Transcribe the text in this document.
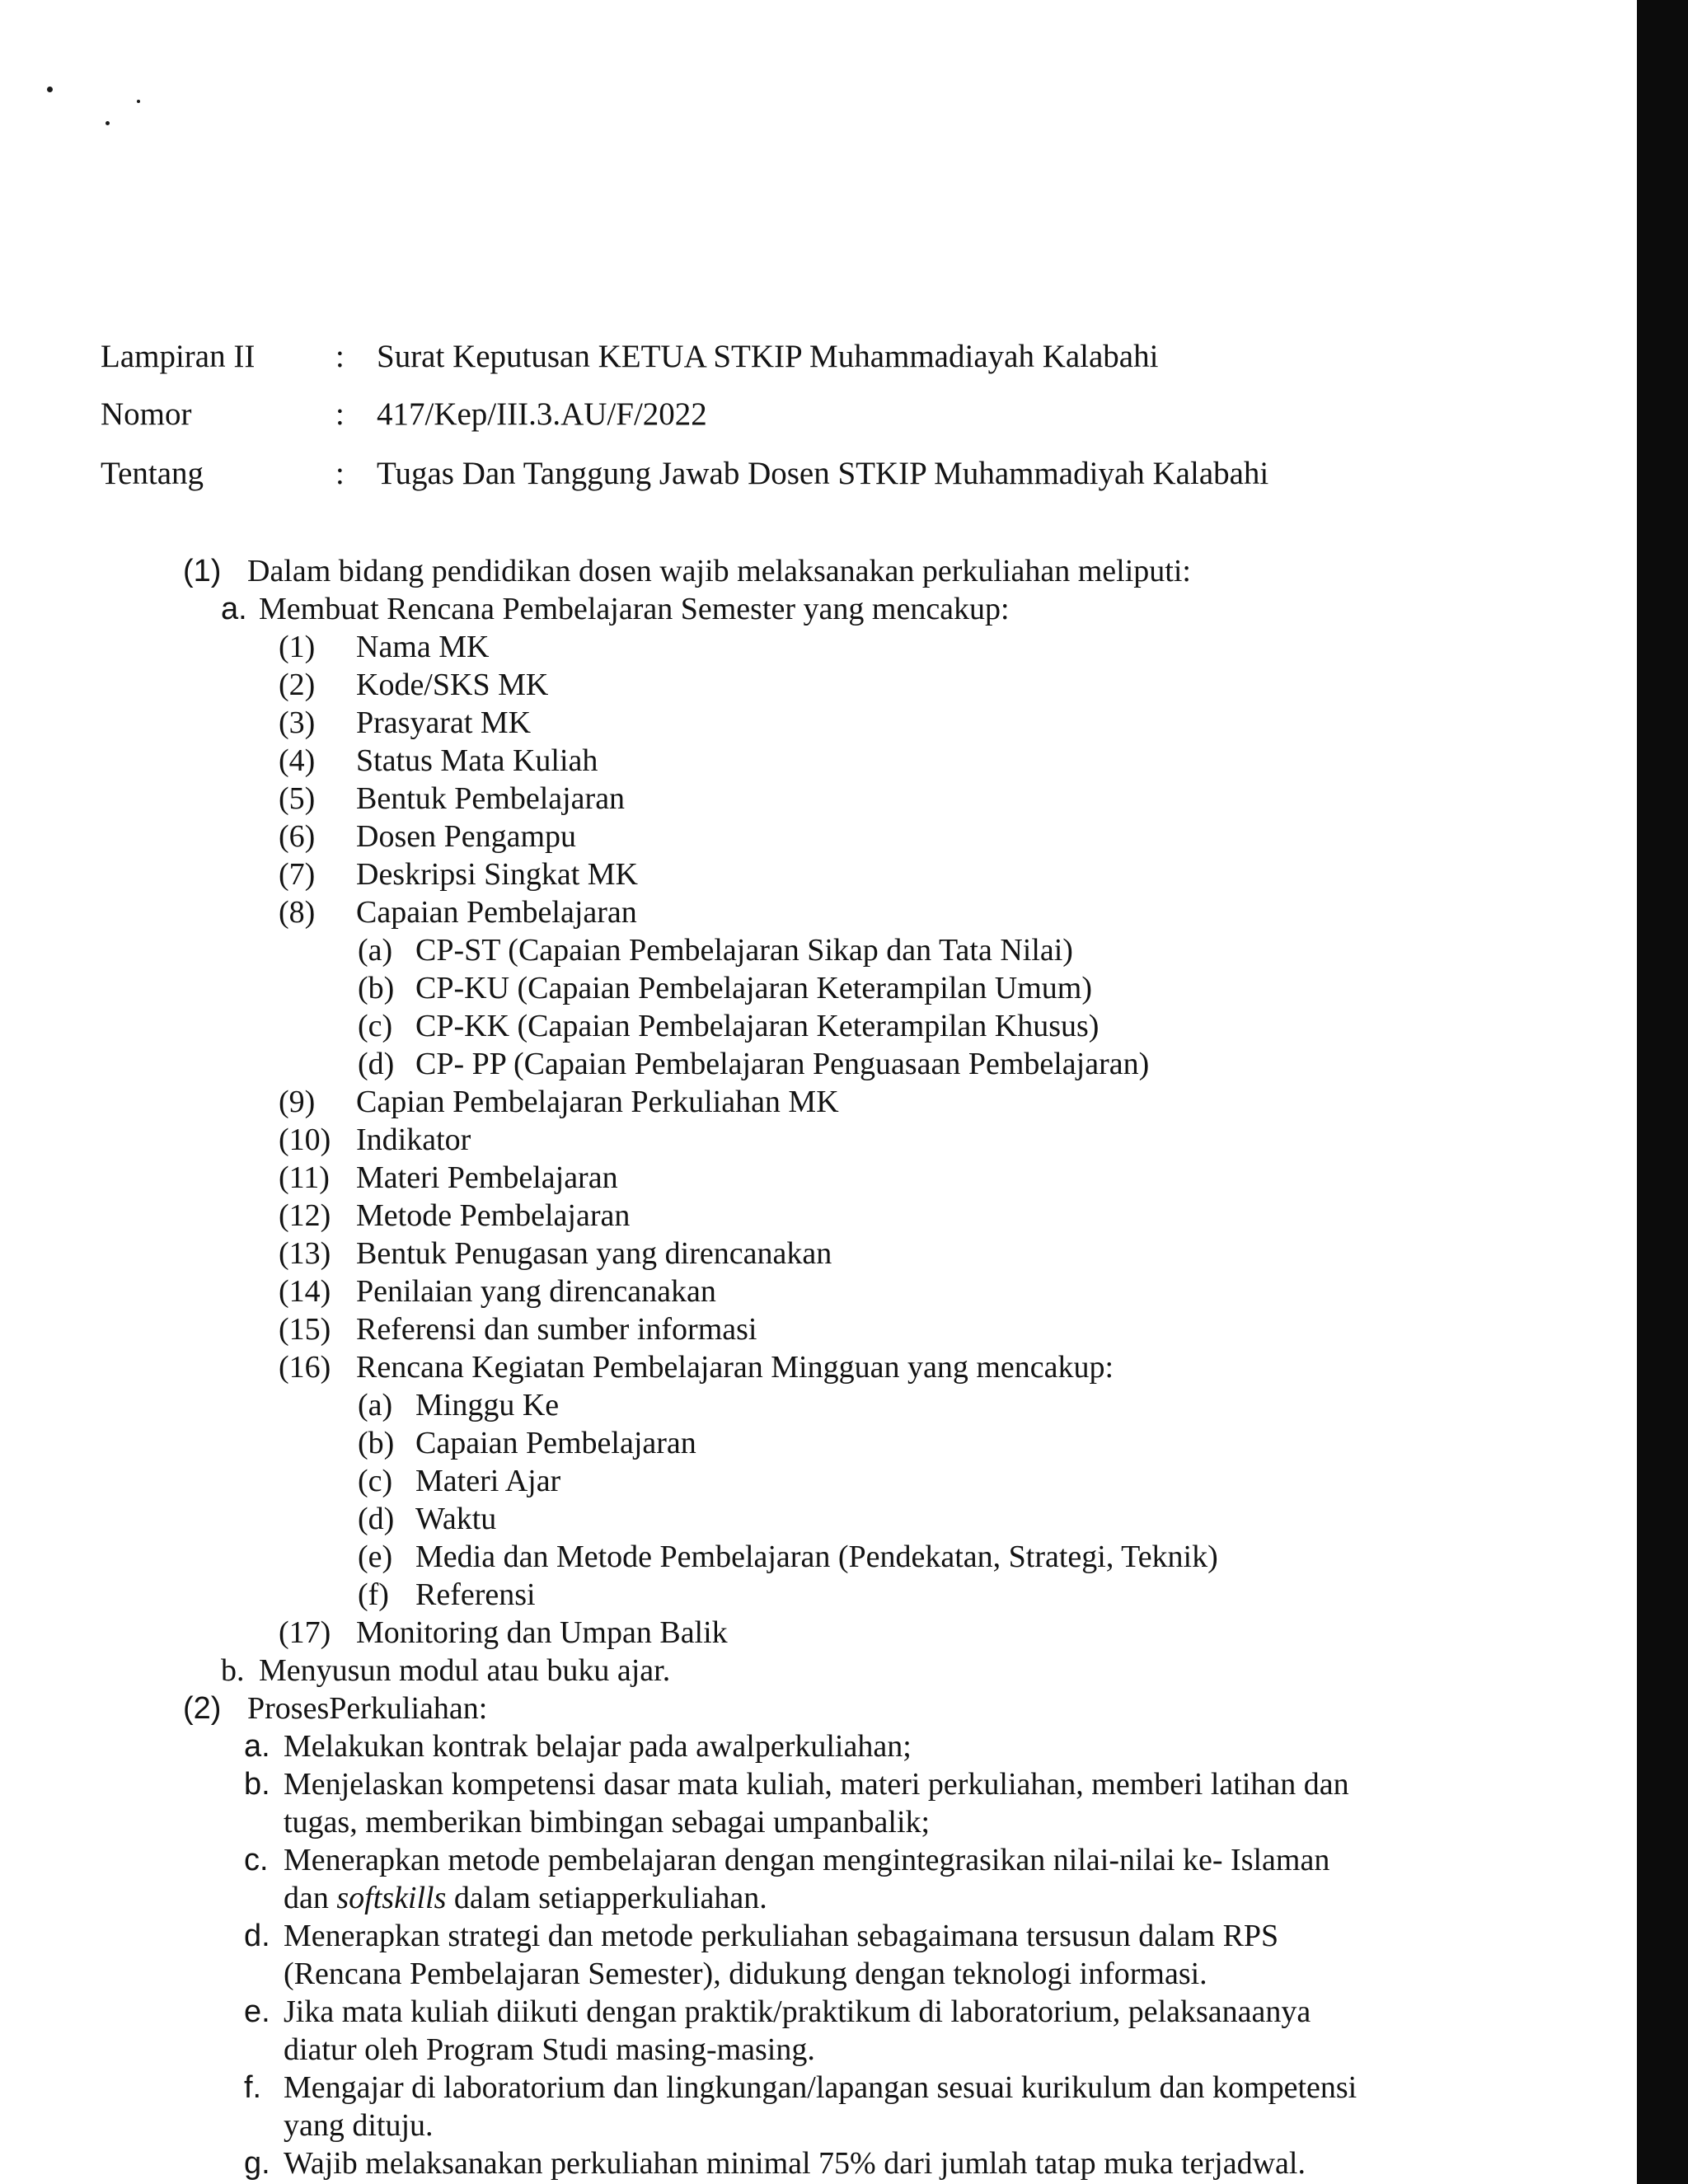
Lampiran II	: Surat Keputusan KETUA STKIP Muhammadiayah Kalabahi
Nomor	: 417/Kep/III.3.AU/F/2022
Tentang	: Tugas Dan Tanggung Jawab Dosen STKIP Muhammadiyah Kalabahi
(1) Dalam bidang pendidikan dosen wajib melaksanakan perkuliahan meliputi:
a. Membuat Rencana Pembelajaran Semester yang mencakup:
(1) Nama MK
(2) Kode/SKS MK
(3) Prasyarat MK
(4) Status Mata Kuliah
(5) Bentuk Pembelajaran
(6) Dosen Pengampu
(7) Deskripsi Singkat MK
(8) Capaian Pembelajaran
(a) CP-ST (Capaian Pembelajaran Sikap dan Tata Nilai)
(b) CP-KU (Capaian Pembelajaran Keterampilan Umum)
(c) CP-KK (Capaian Pembelajaran Keterampilan Khusus)
(d) CP- PP (Capaian Pembelajaran Penguasaan Pembelajaran)
(9) Capian Pembelajaran Perkuliahan MK
(10) Indikator
(11) Materi Pembelajaran
(12) Metode Pembelajaran
(13) Bentuk Penugasan yang direncanakan
(14) Penilaian yang direncanakan
(15) Referensi dan sumber informasi
(16) Rencana Kegiatan Pembelajaran Mingguan yang mencakup:
(a) Minggu Ke
(b) Capaian Pembelajaran
(c) Materi Ajar
(d) Waktu
(e) Media dan Metode Pembelajaran (Pendekatan, Strategi, Teknik)
(f) Referensi
(17) Monitoring dan Umpan Balik
b. Menyusun modul atau buku ajar.
(2) ProsesPerkuliahan:
a. Melakukan kontrak belajar pada awalperkuliahan;
b. Menjelaskan kompetensi dasar mata kuliah, materi perkuliahan, memberi latihan dan
tugas, memberikan bimbingan sebagai umpanbalik;
c. Menerapkan metode pembelajaran dengan mengintegrasikan nilai-nilai ke- Islaman
dan softskills dalam setiapperkuliahan.
d. Menerapkan strategi dan metode perkuliahan sebagaimana tersusun dalam RPS
(Rencana Pembelajaran Semester), didukung dengan teknologi informasi.
e. Jika mata kuliah diikuti dengan praktik/praktikum di laboratorium, pelaksanaanya
diatur oleh Program Studi masing-masing.
f. Mengajar di laboratorium dan lingkungan/lapangan sesuai kurikulum dan kompetensi
yang dituju.
g. Wajib melaksanakan perkuliahan minimal 75% dari jumlah tatap muka terjadwal.
